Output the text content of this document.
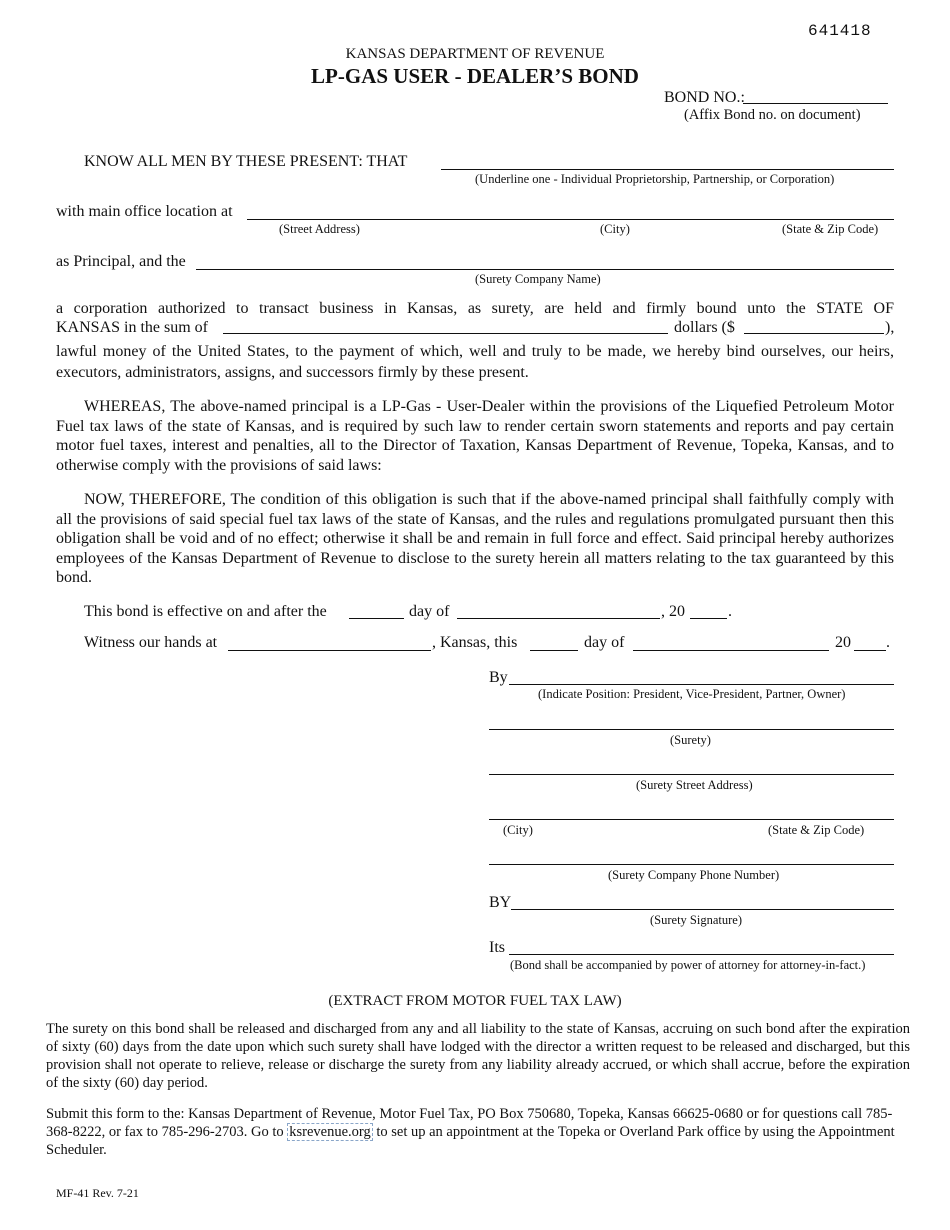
641418
KANSAS DEPARTMENT OF REVENUE
LP-GAS USER - DEALER’S BOND
BOND NO.:
(Affix Bond no. on document)
KNOW ALL MEN BY THESE PRESENT: THAT
(Underline one - Individual Proprietorship, Partnership, or Corporation)
with main office location at
(Street Address)	(City)	(State & Zip Code)
as Principal, and the
(Surety Company Name)
a corporation authorized to transact business in Kansas, as surety, are held and firmly bound unto the STATE OF
KANSAS in the sum of	dollars ($	),
lawful money of the United States, to the payment of which, well and truly to be made, we hereby bind ourselves, our heirs, executors, administrators, assigns, and successors firmly by these present.
WHEREAS, The above-named principal is a LP-Gas - User-Dealer within the provisions of the Liquefied Petroleum Motor Fuel tax laws of the state of Kansas, and is required by such law to render certain sworn statements and reports and pay certain motor fuel taxes, interest and penalties, all to the Director of Taxation, Kansas Department of Revenue, Topeka, Kansas, and to otherwise comply with the provisions of said laws:
NOW, THEREFORE, The condition of this obligation is such that if the above-named principal shall faithfully comply with all the provisions of said special fuel tax laws of the state of Kansas, and the rules and regulations promulgated pursuant then this obligation shall be void and of no effect; otherwise it shall be and remain in full force and effect. Said principal hereby authorizes employees of the Kansas Department of Revenue to disclose to the surety herein all matters relating to the tax guaranteed by this bond.
This bond is effective on and after the	day of	, 20	.
Witness our hands at	, Kansas, this	day of	20 .
By
(Indicate Position: President, Vice-President, Partner, Owner)
(Surety)
(Surety Street Address)
(City)	(State & Zip Code)
(Surety Company Phone Number)
BY
(Surety Signature)
Its
(Bond shall be accompanied by power of attorney for attorney-in-fact.)
(EXTRACT FROM MOTOR FUEL TAX LAW)
The surety on this bond shall be released and discharged from any and all liability to the state of Kansas, accruing on such bond after the expiration of sixty (60) days from the date upon which such surety shall have lodged with the director a written request to be released and discharged, but this provision shall not operate to relieve, release or discharge the surety from any liability already accrued, or which shall accrue, before the expiration of the sixty (60) day period.
Submit this form to the: Kansas Department of Revenue, Motor Fuel Tax, PO Box 750680, Topeka, Kansas 66625-0680 or for questions call 785-368-8222, or fax to 785-296-2703. Go to ksrevenue.org to set up an appointment at the Topeka or Overland Park office by using the Appointment Scheduler.
MF-41 Rev. 7-21
